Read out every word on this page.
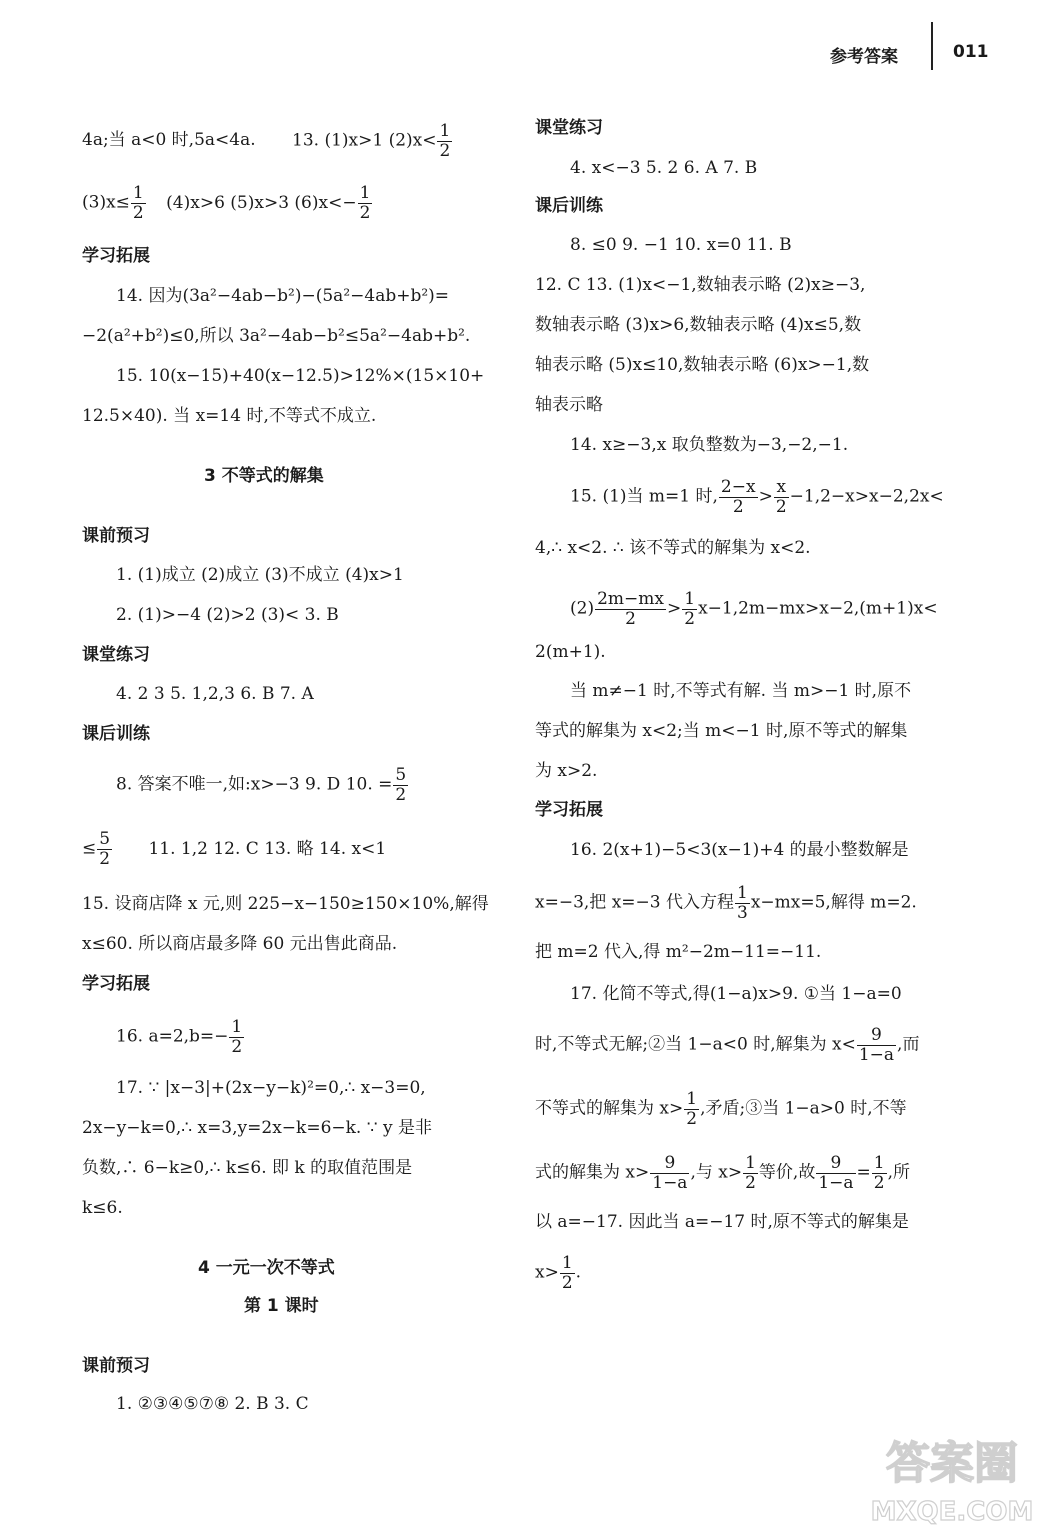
参考答案	011
4a;当 a<0 时,5a<4a. 13. (1)x>1 $(2)x< \frac{1}{2}$
$(3)x\le \frac{1}{2} (4)x>6$ (5)x>3 $(6)x<- \frac{1}{2}$
学习拓展
14. 因为(3a²−4ab−b²)−(5a²−4ab+b²)=
−2(a²+b²)≤0,所以 3a²−4ab−b²≤5a²−4ab+b².
15. 10(x−15)+40(x−12.5)>12%×(15×10+
12.5×40). 当 x=14 时,不等式不成立.
3 不等式的解集
课前预习
1. (1)成立 (2)成立 (3)不成立 (4)x>1
2. (1)>−4 (2)>2 (3)< 3. B
课堂练习
4. 2 3 5. 1,2,3 6. B 7. A
课后训练
8. 答案不唯一,如:x>−3 9. D 10. = $\frac{5}{2}$
≤ $\frac{5}{2} 11$. 1,2 12. C 13. 略 14. x<1
15. 设商店降 x 元,则 225−x−150≥150×10%,解得
x≤60. 所以商店最多降 60 元出售此商品.
学习拓展
16. $a=2,b=- \frac{1}{2}$
17. ∵ |x−3|+(2x−y−k)²=0,∴ x−3=0,
2x−y−k=0,∴ x=3,y=2x−k=6−k. ∵ y 是非
负数,∴ 6−k≥0,∴ k≤6. 即 k 的取值范围是
k≤6.
4 一元一次不等式
第 1 课时
课前预习
1. ②③④⑤⑦⑧ 2. B 3. C
课堂练习
4. x<−3 5. 2 6. A 7. B
课后训练
8. ≤0 9. −1 10. x=0 11. B
12. C 13. (1)x<−1,数轴表示略 (2)x≥−3,
数轴表示略 (3)x>6,数轴表示略 (4)x≤5,数
轴表示略 (5)x≤10,数轴表示略 (6)x>−1,数
轴表示略
14. x≥−3,x 取负整数为−3,−2,−1.
15. (1)当 m=1 时, $\frac{2-x}{2} > \frac{x}{2} -1,2-x>x-2,2x<$
4,∴ x<2. ∴ 该不等式的解集为 x<2.
$(2) \frac{2m-mx}{2} > \frac{1}{2} x-1,2m-mx>x-2,(m+1)x<$
2(m+1).
当 m≠−1 时,不等式有解. 当 m>−1 时,原不
等式的解集为 x<2;当 m<−1 时,原不等式的解集
为 x>2.
学习拓展
16. 2(x+1)−5<3(x−1)+4 的最小整数解是
x=−3,把 x=−3 代入方程 $\frac{1}{3} x-mx=5$,解得 m=2.
把 m=2 代入,得 m²−2m−11=−11.
17. 化简不等式,得(1−a)x>9. ①当 1−a=0
时,不等式无解;②当 1−a<0 时,解集为 $x< \frac{9}{1-a}$ ,而
不等式的解集为 $x> \frac{1}{2}$ ,矛盾;③当 1−a>0 时,不等
式的解集为 $x> \frac{9}{1-a}$ ,与 $x> \frac{1}{2}$ 等价,故 $\frac{9}{1-a} = \frac{1}{2}$ ,所
以 a=−17. 因此当 a=−17 时,原不等式的解集是
$x> \frac{1}{2}$ .
答案圈
MXQE.COM
